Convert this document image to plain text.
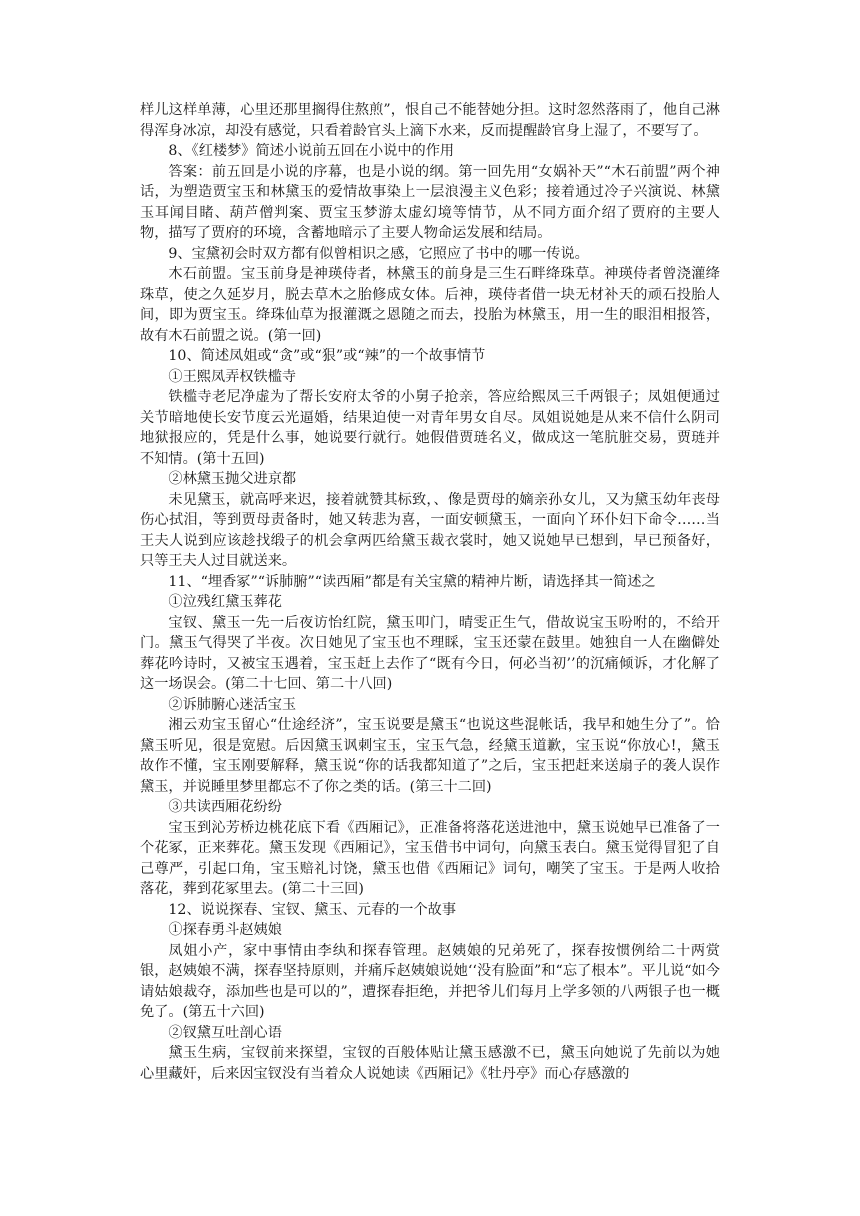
样儿这样单薄，心里还那里搁得住熬煎”，恨自己不能替她分担。这时忽然落雨了，他自己淋得浑身冰凉，却没有感觉，只看着龄官头上滴下水来，反而提醒龄官身上湿了，不要写了。

8、《红楼梦》简述小说前五回在小说中的作用

答案：前五回是小说的序幕，也是小说的纲。第一回先用“女娲补天”“木石前盟”两个神话，为塑造贾宝玉和林黛玉的爱情故事染上一层浪漫主义色彩；接着通过冷子兴演说、林黛玉耳闻目睹、葫芦僧判案、贾宝玉梦游太虚幻境等情节，从不同方面介绍了贾府的主要人物，描写了贾府的环境，含蓄地暗示了主要人物命运发展和结局。

9、宝黛初会时双方都有似曾相识之感，它照应了书中的哪一传说。

木石前盟。宝玉前身是神瑛侍者，林黛玉的前身是三生石畔绛珠草。神瑛侍者曾浇灌绛珠草，使之久延岁月，脱去草木之胎修成女体。后神，瑛侍者借一块无材补天的顽石投胎人间，即为贾宝玉。绛珠仙草为报灌溉之恩随之而去，投胎为林黛玉，用一生的眼泪相报答，故有木石前盟之说。(第一回)

10、简述凤姐或“贪”或“狠”或“辣”的一个故事情节

①王熙凤弄权铁槛寺

铁槛寺老尼净虚为了帮长安府太爷的小舅子抢亲，答应给熙凤三千两银子；凤姐便通过关节暗地使长安节度云光逼婚，结果迫使一对青年男女自尽。凤姐说她是从来不信什么阴司地狱报应的，凭是什么事，她说要行就行。她假借贾琏名义，做成这一笔肮脏交易，贾琏并不知情。(第十五回)

②林黛玉抛父进京都

未见黛玉，就高呼来迟，接着就赞其标致，、像是贾母的嫡亲孙女儿，又为黛玉幼年丧母伤心拭泪，等到贾母责备时，她又转悲为喜，一面安顿黛玉，一面向丫环仆妇下命令……当王夫人说到应该趁找缎子的机会拿两匹给黛玉裁衣裳时，她又说她早已想到，早已预备好，只等王夫人过目就送来。

11、“埋香冢”“诉肺腑”“读西厢”都是有关宝黛的精神片断，请选择其一简述之

①泣残红黛玉葬花

宝钗、黛玉一先一后夜访怡红院，黛玉叩门，晴雯正生气，借故说宝玉吩咐的，不给开门。黛玉气得哭了半夜。次日她见了宝玉也不理睬，宝玉还蒙在鼓里。她独自一人在幽僻处葬花吟诗时，又被宝玉遇着，宝玉赶上去作了“既有今日，何必当初’’的沉痛倾诉，才化解了这一场误会。(第二十七回、第二十八回)

②诉肺腑心迷活宝玉

湘云劝宝玉留心“仕途经济”，宝玉说要是黛玉“也说这些混帐话，我早和她生分了”。恰黛玉听见，很是宽慰。后因黛玉讽刺宝玉，宝玉气急，经黛玉道歉，宝玉说“你放心!，黛玉故作不懂，宝玉刚要解释，黛玉说“你的话我都知道了”之后，宝玉把赶来送扇子的袭人误作黛玉，并说睡里梦里都忘不了你之类的话。(第三十二回)

③共读西厢花纷纷

宝玉到沁芳桥边桃花底下看《西厢记》，正准备将落花送进池中，黛玉说她早已准备了一个花冢，正来葬花。黛玉发现《西厢记》，宝玉借书中词句，向黛玉表白。黛玉觉得冒犯了自己尊严，引起口角，宝玉赔礼讨饶，黛玉也借《西厢记》词句，嘲笑了宝玉。于是两人收拾落花，葬到花冢里去。(第二十三回)

12、说说探春、宝钗、黛玉、元春的一个故事

①探春勇斗赵姨娘

凤姐小产，家中事情由李纨和探春管理。赵姨娘的兄弟死了，探春按惯例给二十两赏银，赵姨娘不满，探春坚持原则，并痛斥赵姨娘说她‘‘没有脸面”和“忘了根本”。平儿说“如今请姑娘裁夺，添加些也是可以的”，遭探春拒绝，并把爷儿们每月上学多领的八两银子也一概免了。(第五十六回)

②钗黛互吐剖心语

黛玉生病，宝钗前来探望，宝钗的百般体贴让黛玉感激不已，黛玉向她说了先前以为她心里藏奸，后来因宝钗没有当着众人说她读《西厢记》《牡丹亭》而心存感激的
